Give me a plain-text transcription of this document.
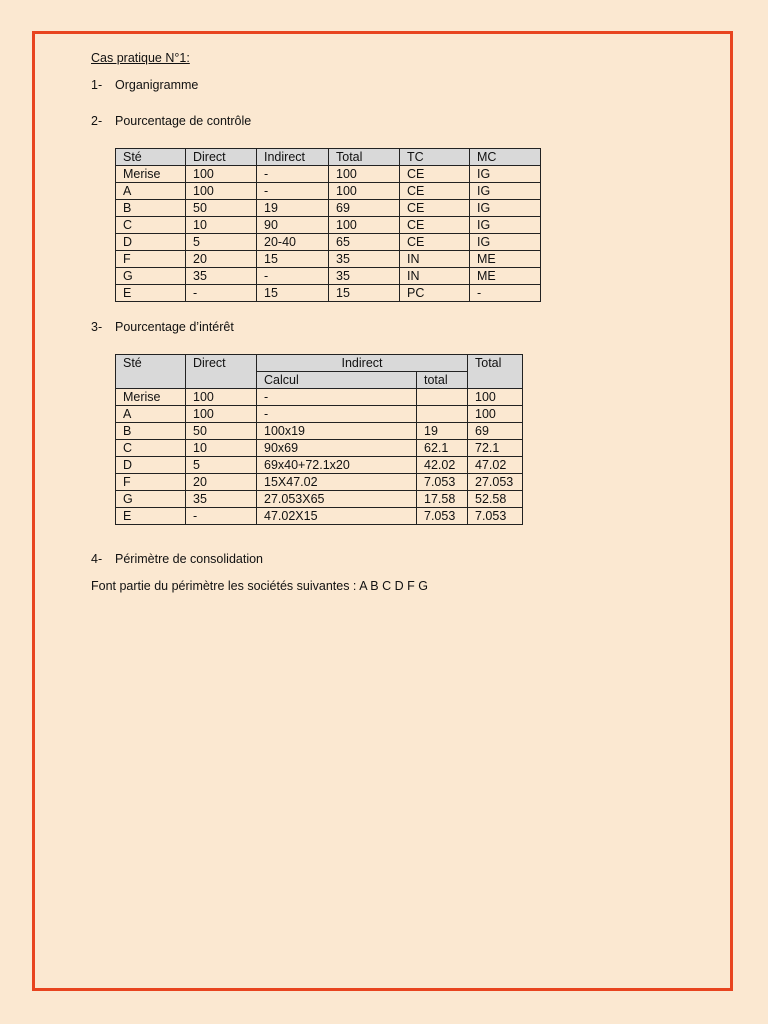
Cas pratique N°1:
1-	Organigramme
2-	Pourcentage de contrôle
Sté	Direct	Indirect	Total	TC	MC
Merise	100	-	100	CE	IG
A	100	-	100	CE	IG
B	50	19	69	CE	IG
C	10	90	100	CE	IG
D	5	20-40	65	CE	IG
F	20	15	35	IN	ME
G	35	-	35	IN	ME
E	-	15	15	PC	-
3-	Pourcentage d’intérêt
Sté	Direct	Indirect		Total
		Calcul	total	
Merise	100	-		100
A	100	-		100
B	50	100x19	19	69
C	10	90x69	62.1	72.1
D	5	69x40+72.1x20	42.02	47.02
F	20	15X47.02	7.053	27.053
G	35	27.053X65	17.58	52.58
E	-	47.02X15	7.053	7.053
4-	Périmètre de consolidation
Font partie du périmètre les sociétés suivantes : A B C D F G
